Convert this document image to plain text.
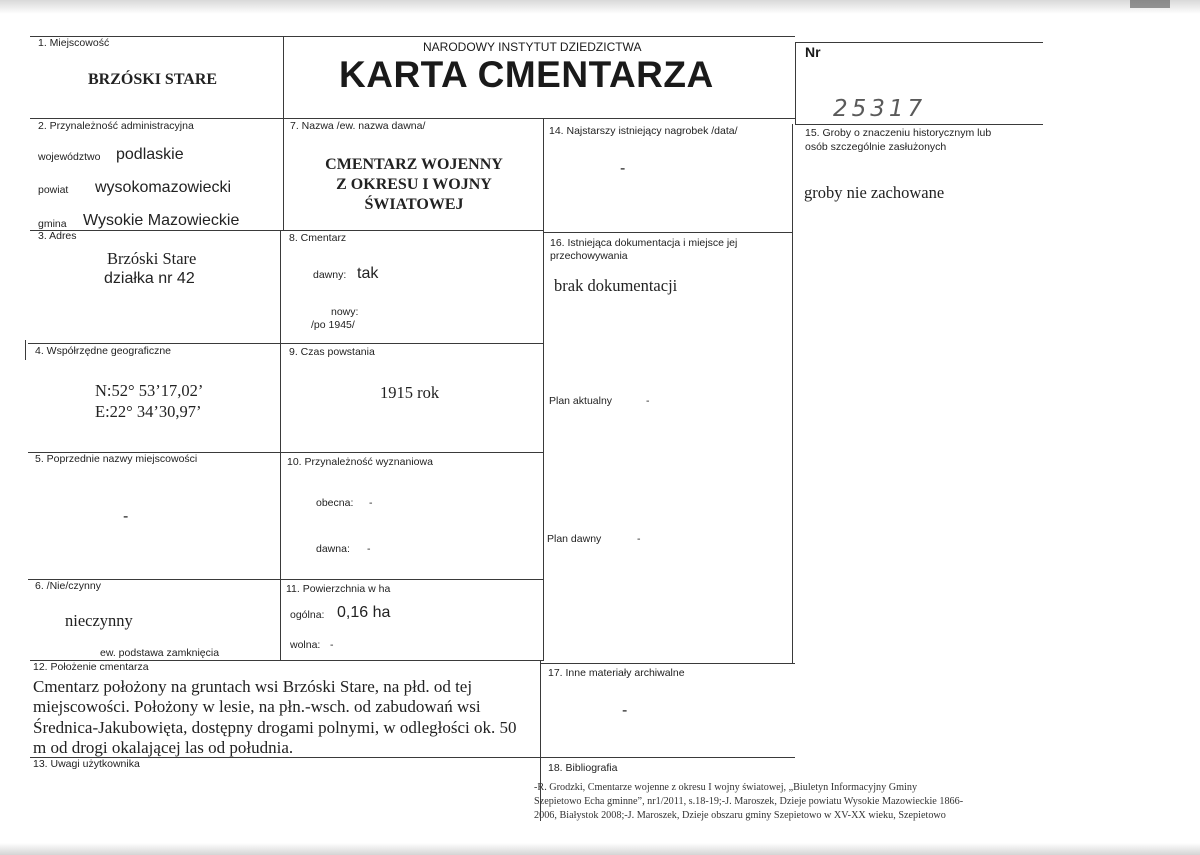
1. Miejscowość
BRZÓSKI STARE
NARODOWY INSTYTUT DZIEDZICTWA
KARTA CMENTARZA
Nr
25317
2. Przynależność administracyjna
województwo podlaskie
powiat wysokomazowiecki
gmina Wysokie Mazowieckie
3. Adres
Brzóski Stare
działka nr 42
4. Współrzędne geograficzne
N:52° 53’17,02’
E:22° 34’30,97’
5. Poprzednie nazwy miejscowości
-
6. /Nie/czynny
nieczynny
ew. podstawa zamknięcia
7. Nazwa /ew. nazwa dawna/
CMENTARZ WOJENNY
Z OKRESU I WOJNY
ŚWIATOWEJ
8. Cmentarz
dawny: tak
nowy:
/po 1945/
9. Czas powstania
1915 rok
10. Przynależność wyznaniowa
obecna: -
dawna: -
11. Powierzchnia w ha
ogólna: 0,16 ha
wolna: -
12. Położenie cmentarza
Cmentarz położony na gruntach wsi Brzóski Stare, na płd. od tej
miejscowości. Położony w lesie, na płn.-wsch. od zabudowań wsi
Średnica-Jakubowięta, dostępny drogami polnymi, w odległości ok. 50
m od drogi okalającej las od południa.
13. Uwagi użytkownika
14. Najstarszy istniejący nagrobek /data/
-
15. Groby o znaczeniu historycznym lub
osób szczególnie zasłużonych
groby nie zachowane
16. Istniejąca dokumentacja i miejsce jej
przechowywania
brak dokumentacji
Plan aktualny	-
Plan dawny	-
17. Inne materiały archiwalne
-
18. Bibliografia
-R. Grodzki, Cmentarze wojenne z okresu I wojny światowej, „Biuletyn Informacyjny Gminy
Szepietowo Echa gminne”, nr1/2011, s.18-19;-J. Maroszek, Dzieje powiatu Wysokie Mazowieckie 1866-
2006, Białystok 2008;-J. Maroszek, Dzieje obszaru gminy Szepietowo w XV-XX wieku, Szepietowo
